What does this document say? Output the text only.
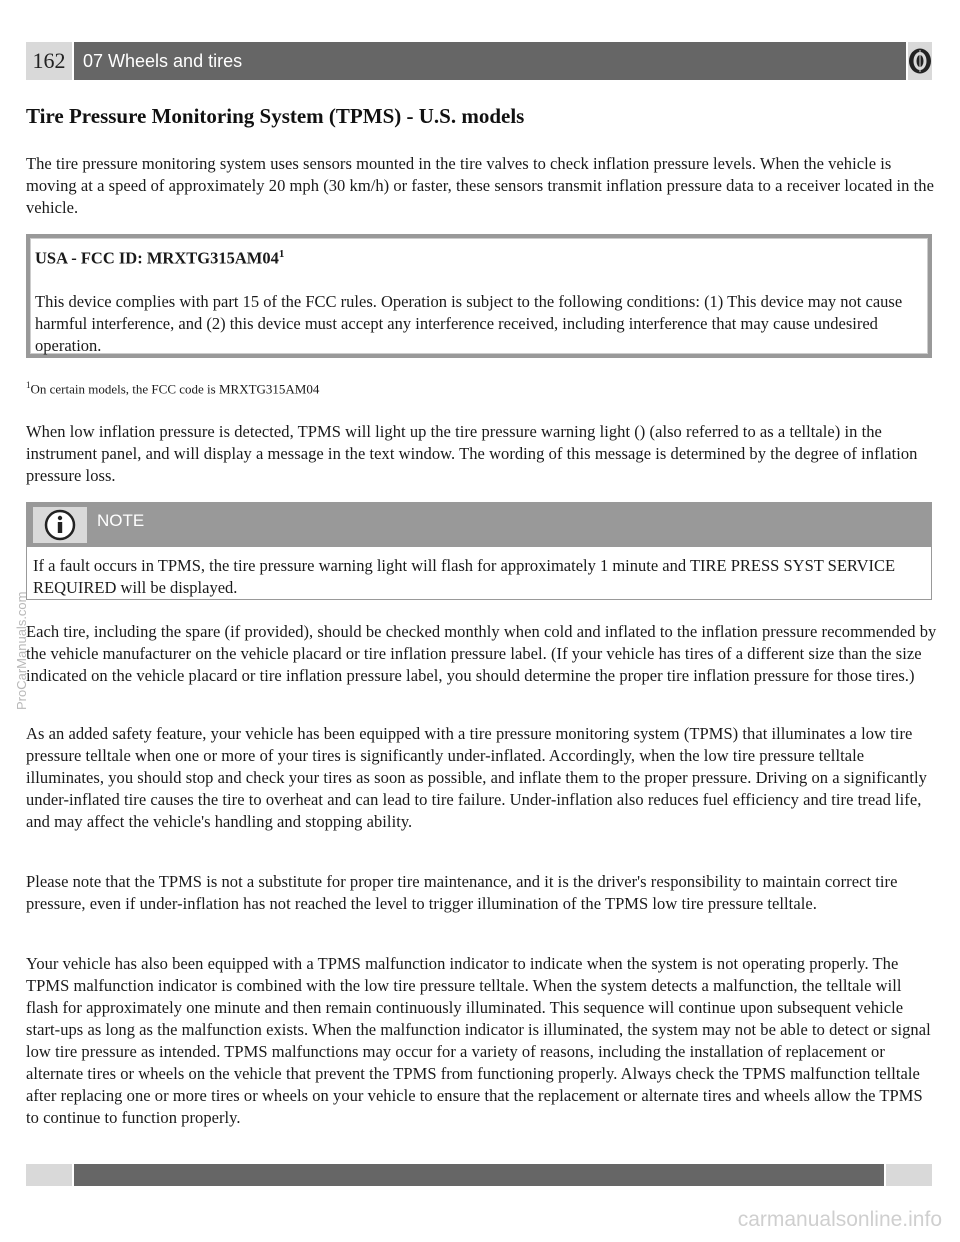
162 07 Wheels and tires
Tire Pressure Monitoring System (TPMS) - U.S. models

The tire pressure monitoring system uses sensors mounted in the tire valves to check inflation pressure levels. When the vehicle is moving at a speed of approximately 20 mph (30 km/h) or faster, these sensors transmit inflation pressure data to a receiver located in the vehicle.

USA - FCC ID: $MRXTG315AM04^1$
This device complies with part 15 of the FCC rules. Operation is subject to the following conditions: (1) This device may not cause harmful interference, and (2) this device must accept any interference received, including interference that may cause undesired operation.
$^1$On certain models, the FCC code is MRXTG315AM04

When low inflation pressure is detected, TPMS will light up the tire pressure warning light () (also referred to as a telltale) in the instrument panel, and will display a message in the text window. The wording of this message is determined by the degree of inflation pressure loss.

NOTE
If a fault occurs in TPMS, the tire pressure warning light will flash for approximately 1 minute and TIRE PRESS SYST SERVICE REQUIRED will be displayed.

Each tire, including the spare (if provided), should be checked monthly when cold and inflated to the inflation pressure recommended by the vehicle manufacturer on the vehicle placard or tire inflation pressure label. (If your vehicle has tires of a different size than the size indicated on the vehicle placard or tire inflation pressure label, you should determine the proper tire inflation pressure for those tires.)

As an added safety feature, your vehicle has been equipped with a tire pressure monitoring system (TPMS) that illuminates a low tire pressure telltale when one or more of your tires is significantly under-inflated. Accordingly, when the low tire pressure telltale illuminates, you should stop and check your tires as soon as possible, and inflate them to the proper pressure. Driving on a significantly under-inflated tire causes the tire to overheat and can lead to tire failure. Under-inflation also reduces fuel efficiency and tire tread life, and may affect the vehicle's handling and stopping ability.

Please note that the TPMS is not a substitute for proper tire maintenance, and it is the driver's responsibility to maintain correct tire pressure, even if under-inflation has not reached the level to trigger illumination of the TPMS low tire pressure telltale.

Your vehicle has also been equipped with a TPMS malfunction indicator to indicate when the system is not operating properly. The TPMS malfunction indicator is combined with the low tire pressure telltale. When the system detects a malfunction, the telltale will flash for approximately one minute and then remain continuously illuminated. This sequence will continue upon subsequent vehicle start-ups as long as the malfunction exists. When the malfunction indicator is illuminated, the system may not be able to detect or signal low tire pressure as intended. TPMS malfunctions may occur for a variety of reasons, including the installation of replacement or alternate tires or wheels on the vehicle that prevent the TPMS from functioning properly. Always check the TPMS malfunction telltale after replacing one or more tires or wheels on your vehicle to ensure that the replacement or alternate tires and wheels allow the TPMS to continue to function properly.

ProCarManuals.com
carmanualsonline.info
